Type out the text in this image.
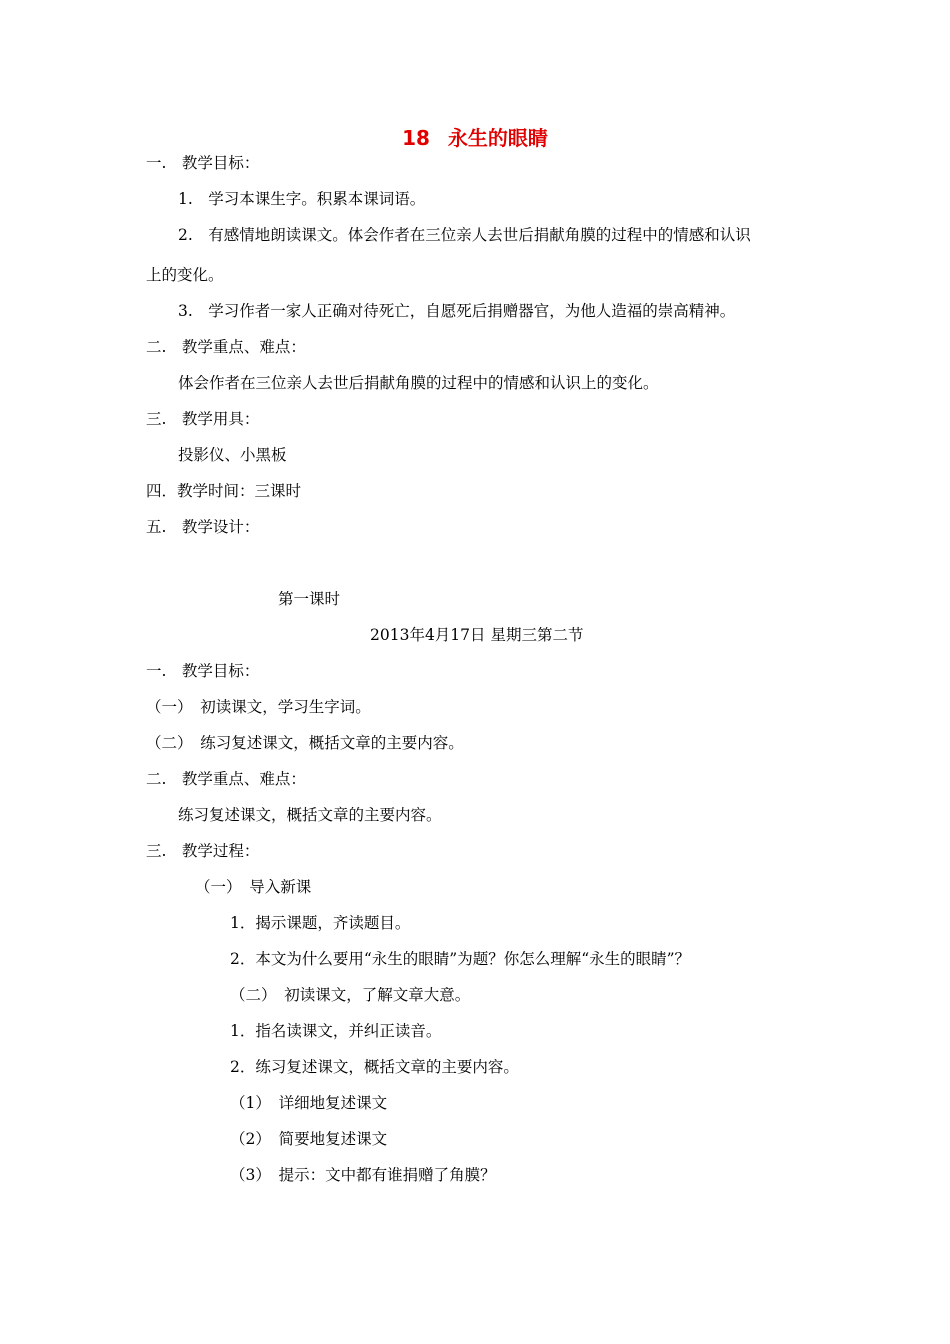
18 永生的眼睛
一.　教学目标：
1.　学习本课生字。积累本课词语。
2.　有感情地朗读课文。体会作者在三位亲人去世后捐献角膜的过程中的情感和认识
上的变化。
3.　学习作者一家人正确对待死亡，自愿死后捐赠器官，为他人造福的崇高精神。
二.　教学重点、难点：
体会作者在三位亲人去世后捐献角膜的过程中的情感和认识上的变化。
三.　教学用具：
投影仪、小黑板
四．教学时间：三课时
五.　教学设计：
第一课时
2013年4月17日 星期三第二节
一.　教学目标：
（一）　初读课文，学习生字词。
（二）　练习复述课文，概括文章的主要内容。
二.　教学重点、难点：
练习复述课文，概括文章的主要内容。
三.　教学过程：
（一）　导入新课
1．揭示课题，齐读题目。
2．本文为什么要用“永生的眼睛”为题？你怎么理解“永生的眼睛”？
（二）　初读课文，了解文章大意。
1．指名读课文，并纠正读音。
2．练习复述课文，概括文章的主要内容。
（1）　详细地复述课文
（2）　简要地复述课文
（3）　提示：文中都有谁捐赠了角膜？
